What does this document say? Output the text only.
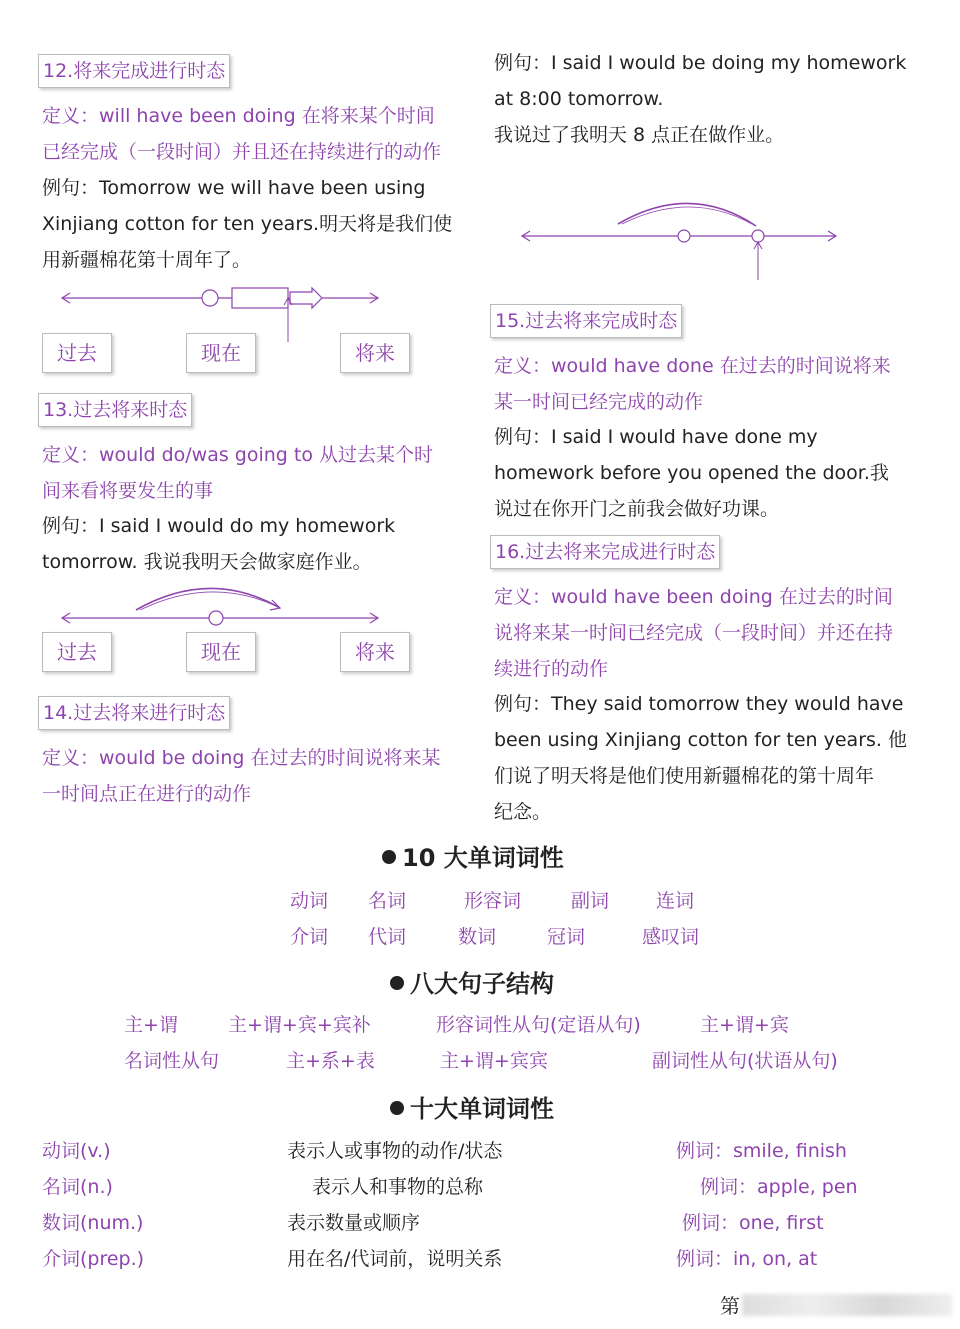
12.将来完成进行时态
定义：will have been doing 在将来某个时间
已经完成（一段时间）并且还在持续进行的动作
例句：Tomorrow we will have been using
Xinjiang cotton for ten years.明天将是我们使
用新疆棉花第十周年了。
过去	现在	将来
13.过去将来时态
定义：would do/was going to 从过去某个时
间来看将要发生的事
例句：I said I would do my homework
tomorrow. 我说我明天会做家庭作业。
过去	现在	将来
14.过去将来进行时态
定义：would be doing 在过去的时间说将来某
一时间点正在进行的动作
例句：I said I would be doing my homework
at 8:00 tomorrow.
我说过了我明天 8 点正在做作业。
15.过去将来完成时态
定义：would have done 在过去的时间说将来
某一时间已经完成的动作
例句：I said I would have done my
homework before you opened the door.我
说过在你开门之前我会做好功课。
16.过去将来完成进行时态
定义：would have been doing 在过去的时间
说将来某一时间已经完成（一段时间）并还在持
续进行的动作
例句：They said tomorrow they would have
been using Xinjiang cotton for ten years. 他
们说了明天将是他们使用新疆棉花的第十周年
纪念。
10 大单词词性
动词 名词	形容词	副词 连词
介词 代词	数词	冠词	感叹词
八大句子结构
主+谓	主+谓+宾+宾补	形容词性从句(定语从句)	主+谓+宾
名词性从句	主+系+表	主+谓+宾宾	副词性从句(状语从句)
十大单词词性
动词(v.)	表示人或事物的动作/状态	例词：smile, finish
名词(n.)	表示人和事物的总称	例词：apple, pen
数词(num.)	表示数量或顺序	例词：one, first
介词(prep.)	用在名/代词前，说明关系	例词：in, on, at
第
